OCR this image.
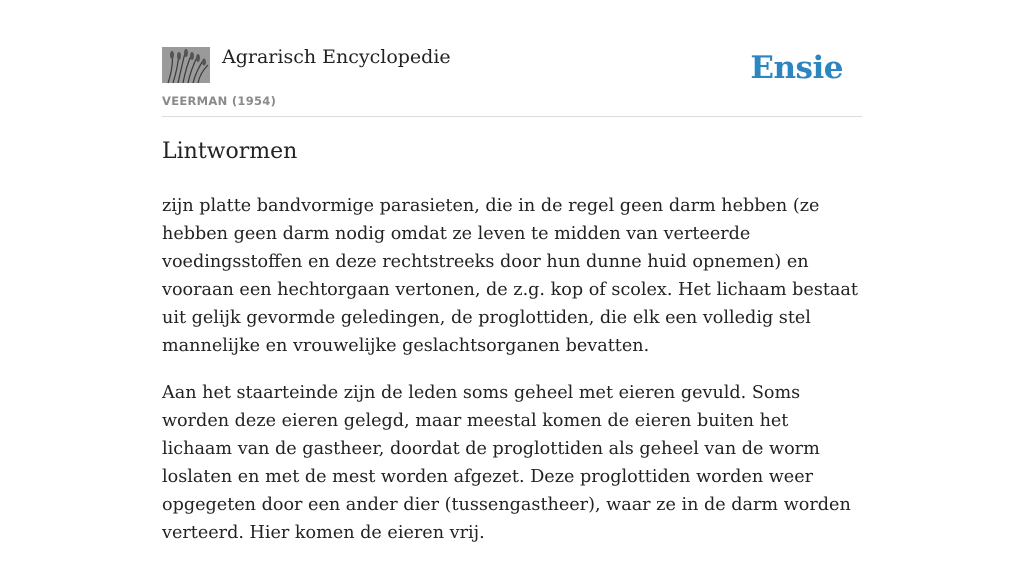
Agrarisch Encyclopedie
VEERMAN (1954)
Ensie
Lintwormen

zijn platte bandvormige parasieten, die in de regel geen darm hebben (ze hebben geen darm nodig omdat ze leven te midden van verteerde voedingsstoffen en deze rechtstreeks door hun dunne huid opnemen) en vooraan een hechtorgaan vertonen, de z.g. kop of scolex. Het lichaam bestaat uit gelijk gevormde geledingen, de proglottiden, die elk een volledig stel mannelijke en vrouwelijke geslachtsorganen bevatten.

Aan het staarteinde zijn de leden soms geheel met eieren gevuld. Soms worden deze eieren gelegd, maar meestal komen de eieren buiten het lichaam van de gastheer, doordat de proglottiden als geheel van de worm loslaten en met de mest worden afgezet. Deze proglottiden worden weer opgegeten door een ander dier (tussengastheer), waar ze in de darm worden verteerd. Hier komen de eieren vrij.
